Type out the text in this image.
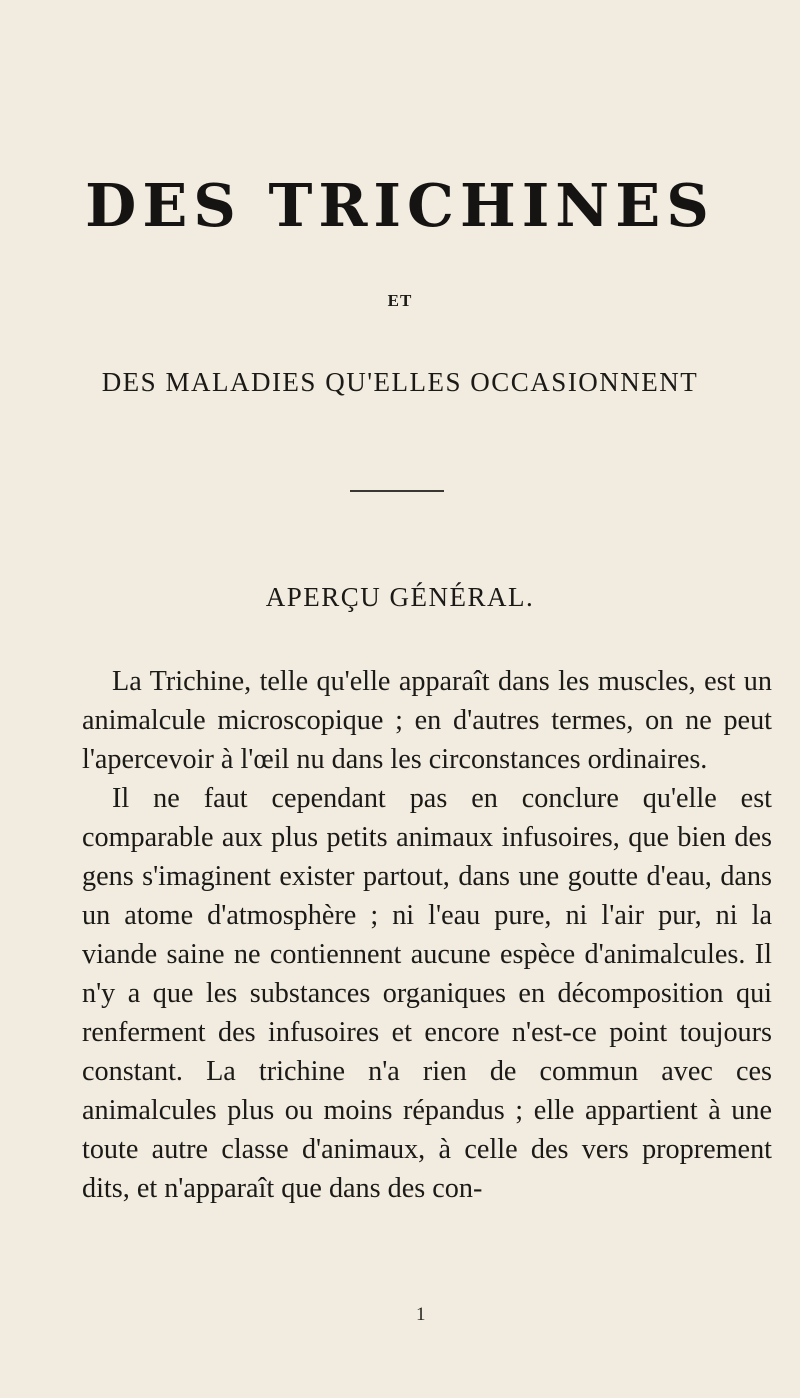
DES TRICHINES
ET
DES MALADIES QU'ELLES OCCASIONNENT
APERÇU GÉNÉRAL.

La Trichine, telle qu'elle apparaît dans les muscles, est un animalcule microscopique ; en d'autres termes, on ne peut l'apercevoir à l'œil nu dans les circonstances ordinaires.

Il ne faut cependant pas en conclure qu'elle est comparable aux plus petits animaux infusoires, que bien des gens s'imaginent exister partout, dans une goutte d'eau, dans un atome d'atmosphère ; ni l'eau pure, ni l'air pur, ni la viande saine ne contiennent aucune espèce d'animalcules. Il n'y a que les substances organiques en décomposition qui renferment des infusoires et encore n'est-ce point toujours constant. La trichine n'a rien de commun avec ces animalcules plus ou moins répandus ; elle appartient à une toute autre classe d'animaux, à celle des vers proprement dits, et n'apparaît que dans des con-

1
